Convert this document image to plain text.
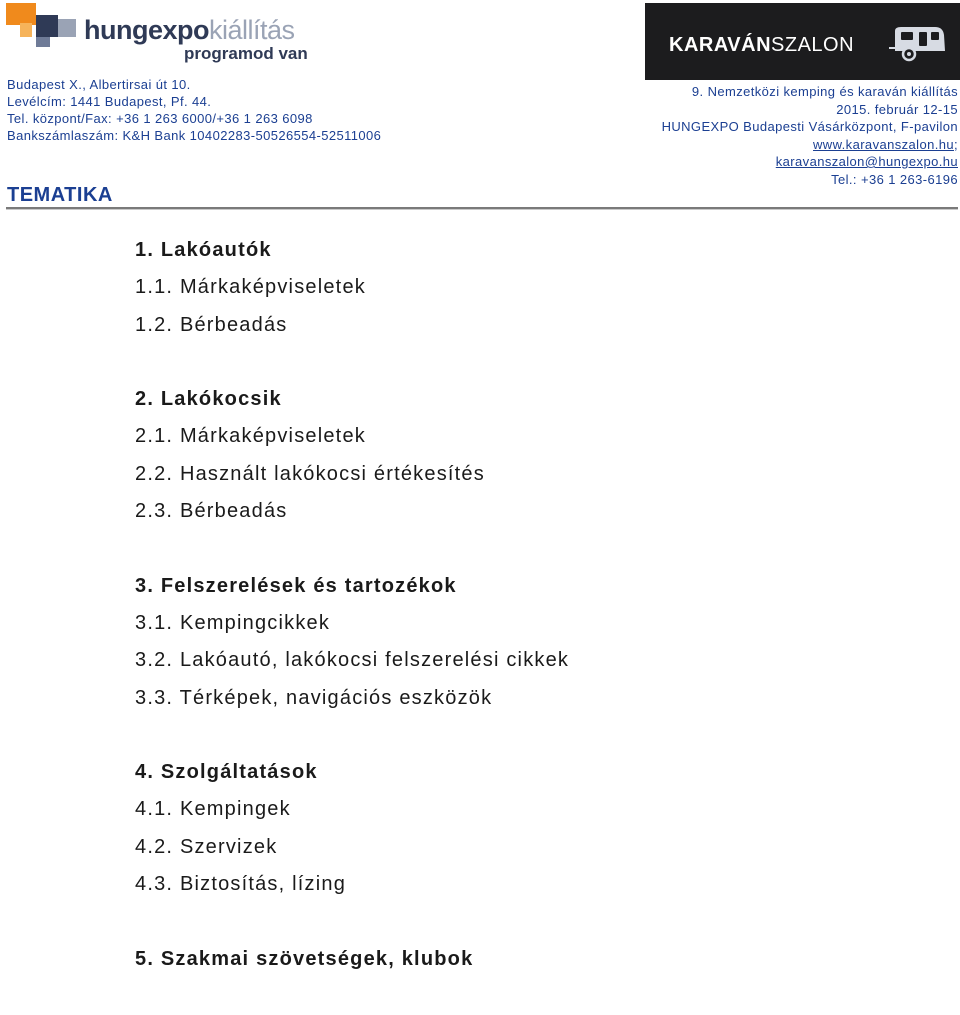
hungexpokiállítás
programod van	KARAVÁNSZALON
Budapest X., Albertirsai út 10.
Levélcím: 1441 Budapest, Pf. 44.
Tel. központ/Fax: +36 1 263 6000/+36 1 263 6098
Bankszámlaszám: K&H Bank 10402283-50526554-52511006
9. Nemzetközi kemping és karaván kiállítás
2015. február 12-15
HUNGEXPO Budapesti Vásárközpont, F-pavilon
www.karavanszalon.hu;
karavanszalon@hungexpo.hu
Tel.: +36 1 263-6196
TEMATIKA
1. Lakóautók
1.1. Márkaképviseletek
1.2. Bérbeadás
2. Lakókocsik
2.1. Márkaképviseletek
2.2. Használt lakókocsi értékesítés
2.3. Bérbeadás
3. Felszerelések és tartozékok
3.1. Kempingcikkek
3.2. Lakóautó, lakókocsi felszerelési cikkek
3.3. Térképek, navigációs eszközök
4. Szolgáltatások
4.1. Kempingek
4.2. Szervizek
4.3. Biztosítás, lízing
5. Szakmai szövetségek, klubok
